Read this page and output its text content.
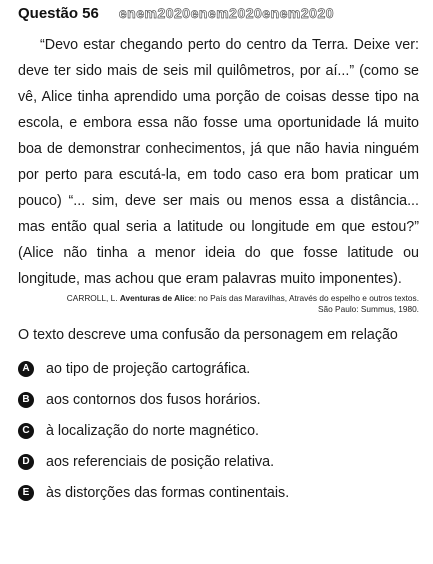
Questão 56 enem2020enem2020enem2020
“Devo estar chegando perto do centro da Terra. Deixe ver: deve ter sido mais de seis mil quilômetros, por aí...” (como se vê, Alice tinha aprendido uma porção de coisas desse tipo na escola, e embora essa não fosse uma oportunidade lá muito boa de demonstrar conhecimentos, já que não havia ninguém por perto para escutá-la, em todo caso era bom praticar um pouco) “... sim, deve ser mais ou menos essa a distância... mas então qual seria a latitude ou longitude em que estou?” (Alice não tinha a menor ideia do que fosse latitude ou longitude, mas achou que eram palavras muito imponentes).
CARROLL, L. Aventuras de Alice: no País das Maravilhas, Através do espelho e outros textos.
São Paulo: Summus, 1980.
O texto descreve uma confusão da personagem em relação
A	ao tipo de projeção cartográfica.
B	aos contornos dos fusos horários.
C	à localização do norte magnético.
D	aos referenciais de posição relativa.
E	às distorções das formas continentais.
